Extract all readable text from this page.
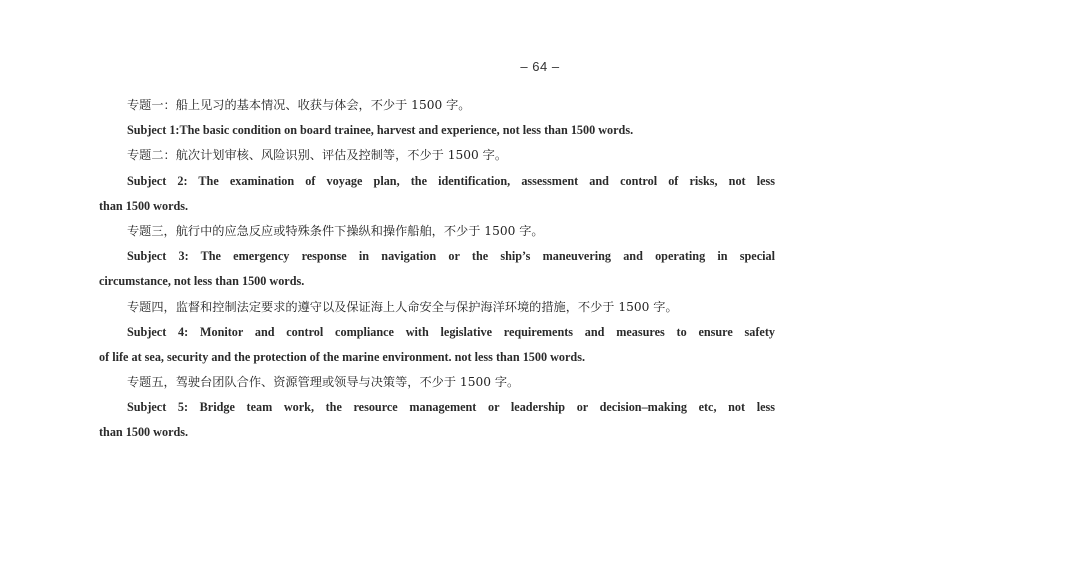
– 64 –
专题一：船上见习的基本情况、收获与体会，不少于 1500 字。
Subject 1:The basic condition on board trainee, harvest and experience, not less than 1500 words.
专题二：航次计划审核、风险识别、评估及控制等，不少于 1500 字。
Subject 2: The examination of voyage plan, the identification, assessment and control of risks, not less
than 1500 words.
专题三，航行中的应急反应或特殊条件下操纵和操作船舶，不少于 1500 字。
Subject 3: The emergency response in navigation or the ship’s maneuvering and operating in special
circumstance, not less than 1500 words.
专题四，监督和控制法定要求的遵守以及保证海上人命安全与保护海洋环境的措施，不少于 1500 字。
Subject 4: Monitor and control compliance with legislative requirements and measures to ensure safety
of life at sea, security and the protection of the marine environment. not less than 1500 words.
专题五，驾驶台团队合作、资源管理或领导与决策等，不少于 1500 字。
Subject 5: Bridge team work, the resource management or leadership or decision–making etc, not less
than 1500 words.
